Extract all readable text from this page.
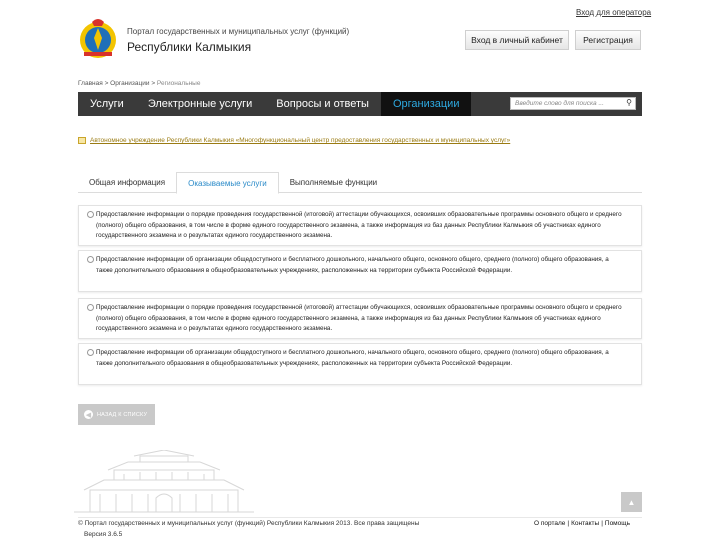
Вход для оператора
Портал государственных и муниципальных услуг (функций)
Республики Калмыкия	Вход в личный кабинет	Регистрация
Главная > Организации > Региональные
Услуги	Электронные услуги	Вопросы и ответы	Организации	Введите слово для поиска ...	⚲
Автономное учреждение Республики Калмыкия «Многофункциональный центр предоставления государственных и муниципальных услуг»
Общая информация	Оказываемые услуги	Выполняемые функции
Предоставление информации о порядке проведения государственной (итоговой) аттестации обучающихся, освоивших образовательные программы основного общего и среднего (полного) общего образования, в том числе в форме единого государственного экзамена, а также информация из баз данных Республики Калмыкия об участниках единого государственного экзамена и о результатах единого государственного экзамена.
Предоставление информации об организации общедоступного и бесплатного дошкольного, начального общего, основного общего, среднего (полного) общего образования, а также дополнительного образования в общеобразовательных учреждениях, расположенных на территории субъекта Российской Федерации.
Предоставление информации о порядке проведения государственной (итоговой) аттестации обучающихся, освоивших образовательные программы основного общего и среднего (полного) общего образования, в том числе в форме единого государственного экзамена, а также информация из баз данных Республики Калмыкия об участниках единого государственного экзамена и о результатах единого государственного экзамена.
Предоставление информации об организации общедоступного и бесплатного дошкольного, начального общего, основного общего, среднего (полного) общего образования, а также дополнительного образования в общеобразовательных учреждениях, расположенных на территории субъекта Российской Федерации.
◀	НАЗАД К СПИСКУ
▲
© Портал государственных и муниципальных услуг (функций) Республики Калмыкия 2013. Все права защищены
Версия 3.6.5
О портале | Контакты | Помощь
